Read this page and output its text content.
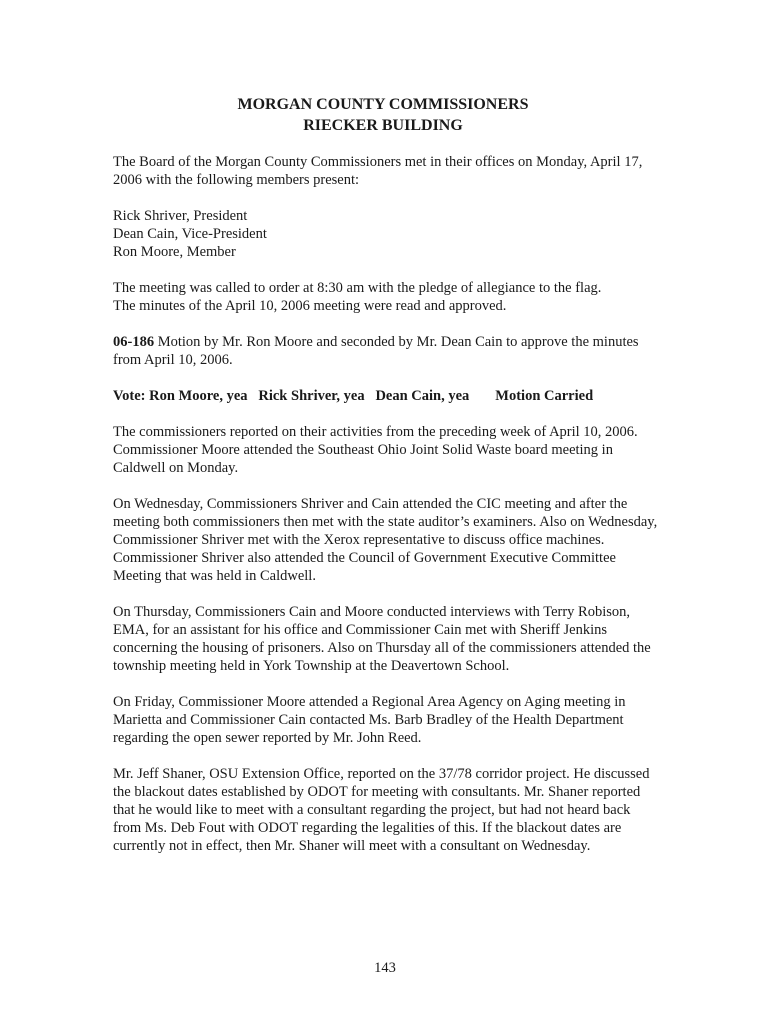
MORGAN COUNTY COMMISSIONERS
RIECKER BUILDING

The Board of the Morgan County Commissioners met in their offices on Monday, April 17, 2006 with the following members present:

Rick Shriver, President
Dean Cain, Vice-President
Ron Moore, Member
The meeting was called to order at 8:30 am with the pledge of allegiance to the flag.
The minutes of the April 10, 2006 meeting were read and approved.

06-186 Motion by Mr. Ron Moore and seconded by Mr. Dean Cain to approve the minutes from April 10, 2006.

Vote: Ron Moore, yea   Rick Shriver, yea   Dean Cain, yea Motion Carried
The commissioners reported on their activities from the preceding week of April 10, 2006.
Commissioner Moore attended the Southeast Ohio Joint Solid Waste board meeting in Caldwell on Monday.

On Wednesday, Commissioners Shriver and Cain attended the CIC meeting and after the meeting both commissioners then met with the state auditor’s examiners. Also on Wednesday, Commissioner Shriver met with the Xerox representative to discuss office machines. Commissioner Shriver also attended the Council of Government Executive Committee Meeting that was held in Caldwell.

On Thursday, Commissioners Cain and Moore conducted interviews with Terry Robison, EMA, for an assistant for his office and Commissioner Cain met with Sheriff Jenkins concerning the housing of prisoners. Also on Thursday all of the commissioners attended the township meeting held in York Township at the Deavertown School.

On Friday, Commissioner Moore attended a Regional Area Agency on Aging meeting in Marietta and Commissioner Cain contacted Ms. Barb Bradley of the Health Department regarding the open sewer reported by Mr. John Reed.

Mr. Jeff Shaner, OSU Extension Office, reported on the 37/78 corridor project. He discussed the blackout dates established by ODOT for meeting with consultants. Mr. Shaner reported that he would like to meet with a consultant regarding the project, but had not heard back from Ms. Deb Fout with ODOT regarding the legalities of this. If the blackout dates are currently not in effect, then Mr. Shaner will meet with a consultant on Wednesday.

143
